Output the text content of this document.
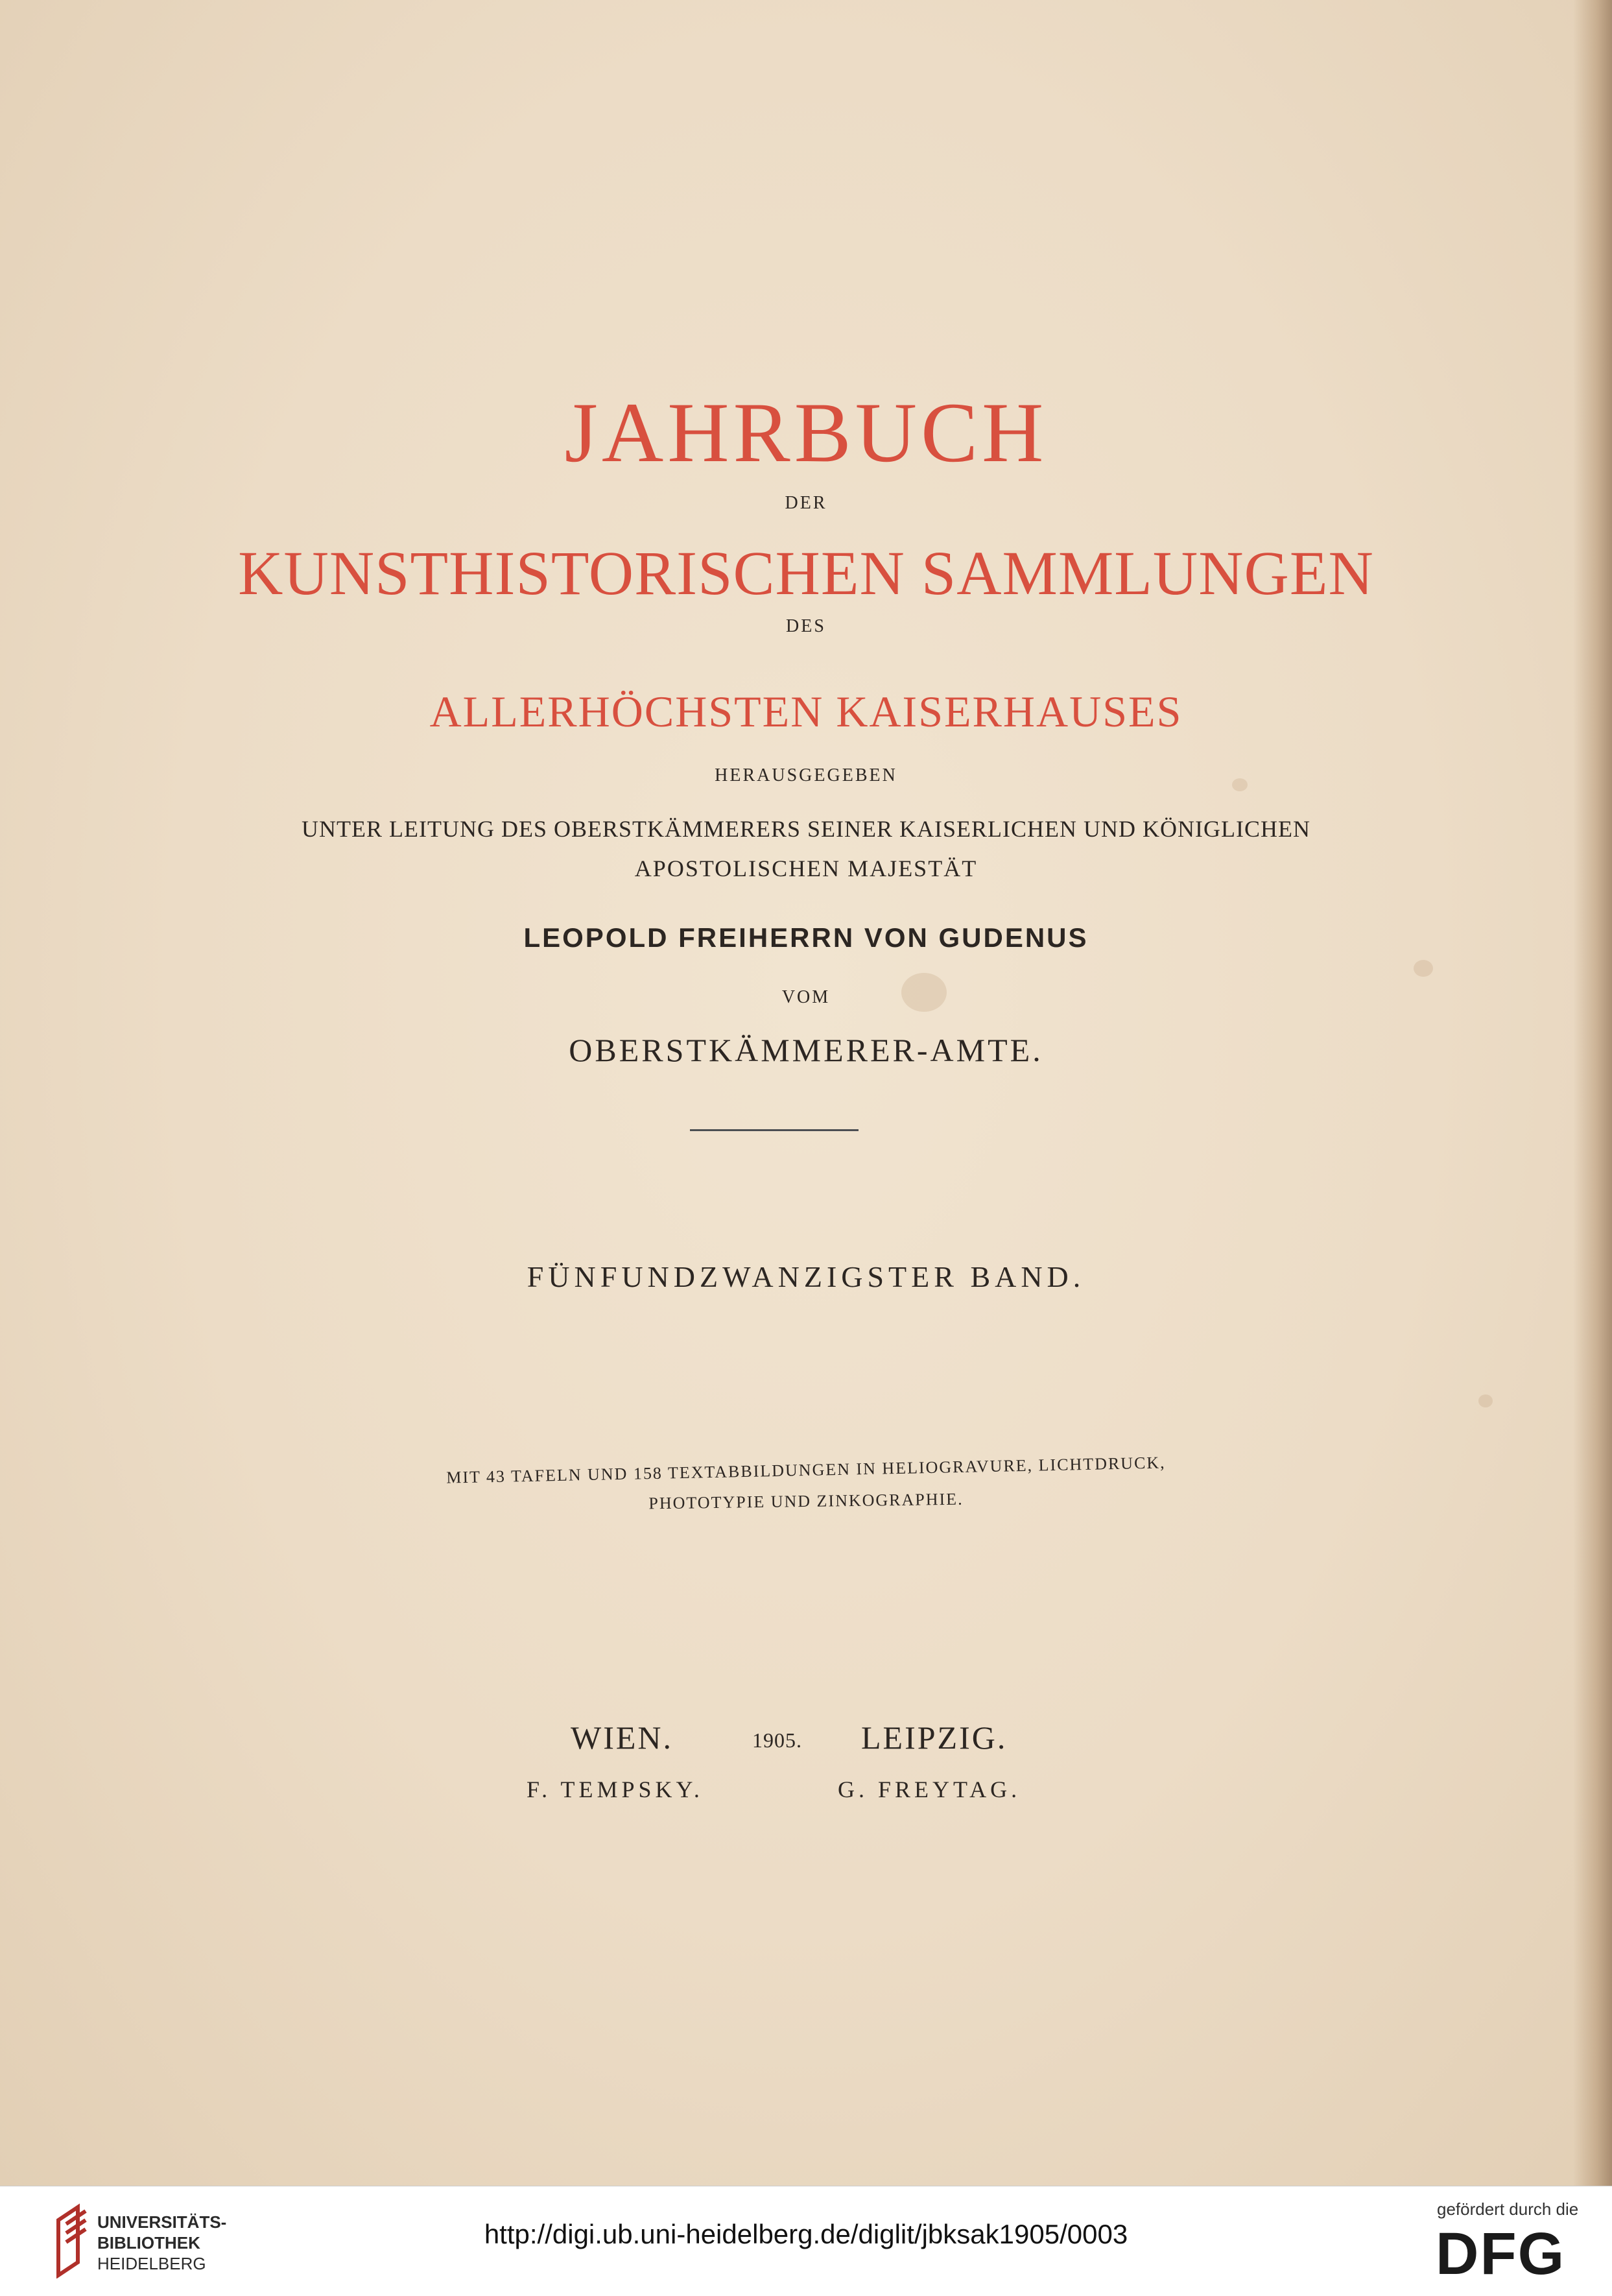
JAHRBUCH
DER
KUNSTHISTORISCHEN SAMMLUNGEN
DES
ALLERHÖCHSTEN KAISERHAUSES
HERAUSGEGEBEN
UNTER LEITUNG DES OBERSTKÄMMERERS SEINER KAISERLICHEN UND KÖNIGLICHEN
APOSTOLISCHEN MAJESTÄT
LEOPOLD FREIHERRN VON GUDENUS
VOM
OBERSTKÄMMERER-AMTE.
FÜNFUNDZWANZIGSTER BAND.
MIT 43 TAFELN UND 158 TEXTABBILDUNGEN IN HELIOGRAVURE, LICHTDRUCK,
PHOTOTYPIE UND ZINKOGRAPHIE.
WIEN.	1905. LEIPZIG.
F. TEMPSKY.	G. FREYTAG.
UNIVERSITÄTS-
BIBLIOTHEK
HEIDELBERG
http://digi.ub.uni-heidelberg.de/diglit/jbksak1905/0003
gefördert durch die
DFG
